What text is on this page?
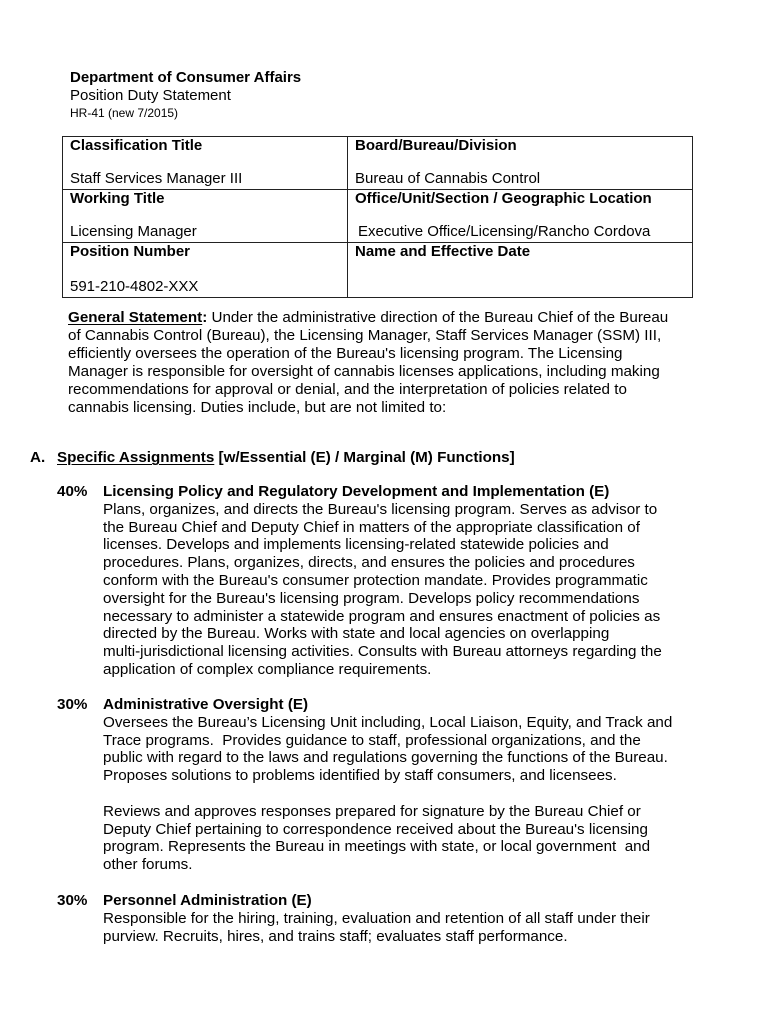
Department of Consumer Affairs
Position Duty Statement
HR-41 (new 7/2015)
Classification Title
Staff Services Manager III
Board/Bureau/Division
Bureau of Cannabis Control
Working Title
Licensing Manager
Office/Unit/Section / Geographic Location
Executive Office/Licensing/Rancho Cordova
Position Number
591-210-4802-XXX
Name and Effective Date
General Statement: Under the administrative direction of the Bureau Chief of the Bureau
of Cannabis Control (Bureau), the Licensing Manager, Staff Services Manager (SSM) III,
efficiently oversees the operation of the Bureau's licensing program. The Licensing
Manager is responsible for oversight of cannabis licenses applications, including making
recommendations for approval or denial, and the interpretation of policies related to
cannabis licensing. Duties include, but are not limited to:
A. Specific Assignments [w/Essential (E) / Marginal (M) Functions]
40% Licensing Policy and Regulatory Development and Implementation (E)
Plans, organizes, and directs the Bureau's licensing program. Serves as advisor to
the Bureau Chief and Deputy Chief in matters of the appropriate classification of
licenses. Develops and implements licensing-related statewide policies and
procedures. Plans, organizes, directs, and ensures the policies and procedures
conform with the Bureau's consumer protection mandate. Provides programmatic
oversight for the Bureau's licensing program. Develops policy recommendations
necessary to administer a statewide program and ensures enactment of policies as
directed by the Bureau. Works with state and local agencies on overlapping
multi-jurisdictional licensing activities. Consults with Bureau attorneys regarding the
application of complex compliance requirements.
30% Administrative Oversight (E)
Oversees the Bureau’s Licensing Unit including, Local Liaison, Equity, and Track and
Trace programs.  Provides guidance to staff, professional organizations, and the
public with regard to the laws and regulations governing the functions of the Bureau.
Proposes solutions to problems identified by staff consumers, and licensees.
Reviews and approves responses prepared for signature by the Bureau Chief or
Deputy Chief pertaining to correspondence received about the Bureau's licensing
program. Represents the Bureau in meetings with state, or local government  and
other forums.
30% Personnel Administration (E)
Responsible for the hiring, training, evaluation and retention of all staff under their
purview. Recruits, hires, and trains staff; evaluates staff performance.
